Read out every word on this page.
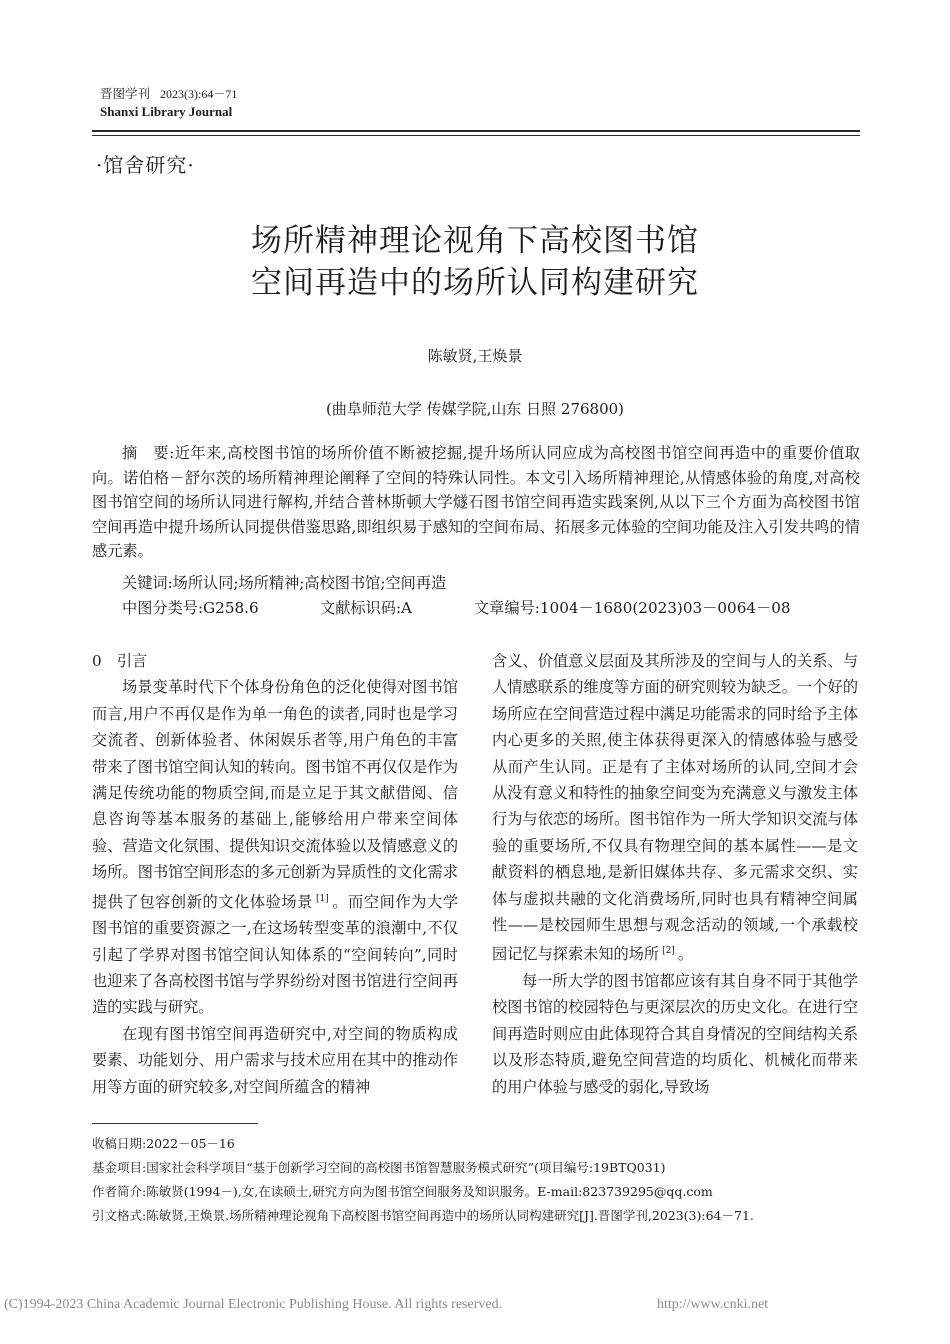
晋图学刊 2023(3):64－71
Shanxi Library Journal
·馆舍研究·
场所精神理论视角下高校图书馆
空间再造中的场所认同构建研究
陈敏贤,王焕景
(曲阜师范大学 传媒学院,山东 日照 276800)

摘　要:近年来,高校图书馆的场所价值不断被挖掘,提升场所认同应成为高校图书馆空间再造中的重要价值取向。诺伯格－舒尔茨的场所精神理论阐释了空间的特殊认同性。本文引入场所精神理论,从情感体验的角度,对高校图书馆空间的场所认同进行解构,并结合普林斯顿大学燧石图书馆空间再造实践案例,从以下三个方面为高校图书馆空间再造中提升场所认同提供借鉴思路,即组织易于感知的空间布局、拓展多元体验的空间功能及注入引发共鸣的情感元素。

关键词:场所认同;场所精神;高校图书馆;空间再造
中图分类号:G258.6	文献标识码:A	文章编号:1004－1680(2023)03－0064－08

0　引言

场景变革时代下个体身份角色的泛化使得对图书馆而言,用户不再仅是作为单一角色的读者,同时也是学习交流者、创新体验者、休闲娱乐者等,用户角色的丰富带来了图书馆空间认知的转向。图书馆不再仅仅是作为满足传统功能的物质空间,而是立足于其文献借阅、信息咨询等基本服务的基础上,能够给用户带来空间体验、营造文化氛围、提供知识交流体验以及情感意义的场所。图书馆空间形态的多元创新为异质性的文化需求提供了包容创新的文化体验场景 [1] 。而空间作为大学图书馆的重要资源之一,在这场转型变革的浪潮中,不仅引起了学界对图书馆空间认知体系的“空间转向”,同时也迎来了各高校图书馆与学界纷纷对图书馆进行空间再造的实践与研究。

在现有图书馆空间再造研究中,对空间的物质构成要素、功能划分、用户需求与技术应用在其中的推动作用等方面的研究较多,对空间所蕴含的精神

含义、价值意义层面及其所涉及的空间与人的关系、与人情感联系的维度等方面的研究则较为缺乏。一个好的场所应在空间营造过程中满足功能需求的同时给予主体内心更多的关照,使主体获得更深入的情感体验与感受从而产生认同。正是有了主体对场所的认同,空间才会从没有意义和特性的抽象空间变为充满意义与激发主体行为与依恋的场所。图书馆作为一所大学知识交流与体验的重要场所,不仅具有物理空间的基本属性——是文献资料的栖息地,是新旧媒体共存、多元需求交织、实体与虚拟共融的文化消费场所,同时也具有精神空间属性——是校园师生思想与观念活动的领域,一个承载校园记忆与探索未知的场所 [2] 。

每一所大学的图书馆都应该有其自身不同于其他学校图书馆的校园特色与更深层次的历史文化。在进行空间再造时则应由此体现符合其自身情况的空间结构关系以及形态特质,避免空间营造的均质化、机械化而带来的用户体验与感受的弱化,导致场

收稿日期:2022－05－16
基金项目:国家社会科学项目“基于创新学习空间的高校图书馆智慧服务模式研究”(项目编号:19BTQ031)
作者简介:陈敏贤(1994－),女,在读硕士,研究方向为图书馆空间服务及知识服务。E-mail:823739295@qq.com
引文格式:陈敏贤,王焕景.场所精神理论视角下高校图书馆空间再造中的场所认同构建研究[J].晋图学刊,2023(3):64－71.
(C)1994-2023 China Academic Journal Electronic Publishing House. All rights reserved.	http://www.cnki.net
